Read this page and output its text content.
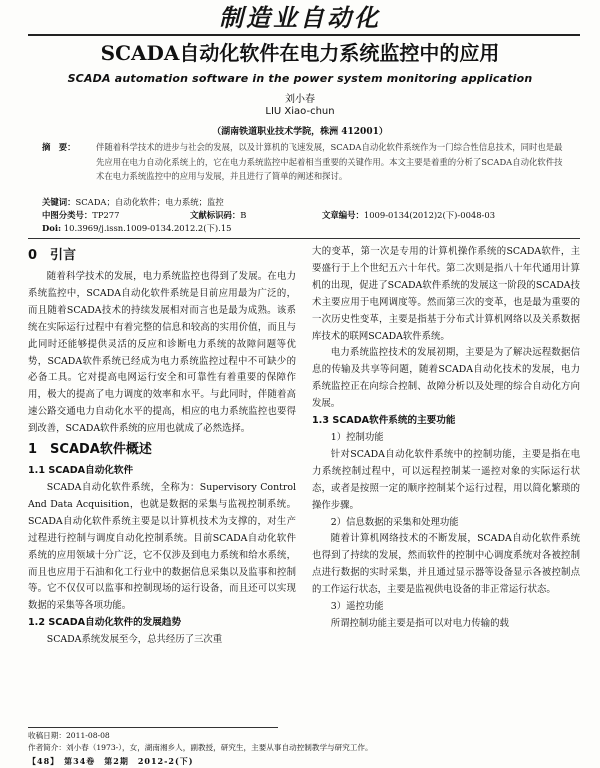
制造业自动化
SCADA自动化软件在电力系统监控中的应用
SCADA automation software in the power system monitoring application
刘小春
LIU Xiao-chun
（湖南铁道职业技术学院，株洲 412001）
摘　要： 伴随着科学技术的进步与社会的发展，以及计算机的飞速发展，SCADA自动化软件系统作为一门综合性信息技术，同时也是最先应用在电力自动化系统上的，它在电力系统监控中起着相当重要的关键作用。本文主要是着重的分析了SCADA自动化软件技术在电力系统监控中的应用与发展，并且进行了简单的阐述和探讨。
关键词：SCADA；自动化软件；电力系统；监控
中图分类号：TP277	文献标识码：B	文章编号：1009-0134(2012)2(下)-0048-03
Doi: 10.3969/j.issn.1009-0134.2012.2(下).15
0　引言

随着科学技术的发展，电力系统监控也得到了发展。在电力系统监控中，SCADA自动化软件系统是目前应用最为广泛的，而且随着SCADA技术的持续发展相对而言也是最为成熟。该系统在实际运行过程中有着完整的信息和较高的实用价值，而且与此同时还能够提供灵活的反应和诊断电力系统的故障问题等优势，SCADA软件系统已经成为电力系统监控过程中不可缺少的必备工具。它对提高电网运行安全和可靠性有着重要的保障作用，极大的提高了电力调度的效率和水平。与此同时，伴随着高速公路交通电力自动化水平的提高，相应的电力系统监控也要得到改善，SCADA软件系统的应用也就成了必然选择。

1　SCADA软件概述
1.1 SCADA自动化软件

SCADA自动化软件系统，全称为：Supervisory Control And Data Acquisition，也就是数据的采集与监视控制系统。SCADA自动化软件系统主要是以计算机技术为支撑的，对生产过程进行控制与调度自动化控制系统。目前SCADA自动化软件系统的应用领域十分广泛，它不仅涉及到电力系统和给水系统，而且也应用于石油和化工行业中的数据信息采集以及监事和控制等。它不仅仅可以监事和控制现场的运行设备，而且还可以实现数据的采集等各项功能。

1.2 SCADA自动化软件的发展趋势

SCADA系统发展至今，总共经历了三次重

大的变革，第一次是专用的计算机操作系统的SCADA软件，主要盛行于上个世纪五六十年代。第二次则是指八十年代通用计算机的出现，促进了SCADA软件系统的发展这一阶段的SCADA技术主要应用于电网调度等。然而第三次的变革，也是最为重要的一次历史性变革，主要是指基于分布式计算机网络以及关系数据库技术的联网SCADA软件系统。

电力系统监控技术的发展初期，主要是为了解决远程数据信息的传输及共享等问题，随着SCADA自动化技术的发展，电力系统监控正在向综合控制、故障分析以及处理的综合自动化方向发展。

1.3 SCADA软件系统的主要功能
1）控制功能

针对SCADA自动化软件系统中的控制功能，主要是指在电力系统控制过程中，可以远程控制某一遥控对象的实际运行状态，或者是按照一定的顺序控制某个运行过程，用以简化繁琐的操作步骤。

2）信息数据的采集和处理功能

随着计算机网络技术的不断发展，SCADA自动化软件系统也得到了持续的发展，然而软件的控制中心调度系统对各被控制点进行数据的实时采集，并且通过显示器等设备显示各被控制点的工作运行状态，主要是监视供电设备的非正常运行状态。

3）遥控功能

所谓控制功能主要是指可以对电力传输的载

收稿日期：2011-08-08
作者简介：刘小春（1973-），女，湖南湘乡人，副教授，研究生，主要从事自动控制教学与研究工作。
【48】　第34卷　第2期　2012-2(下)
